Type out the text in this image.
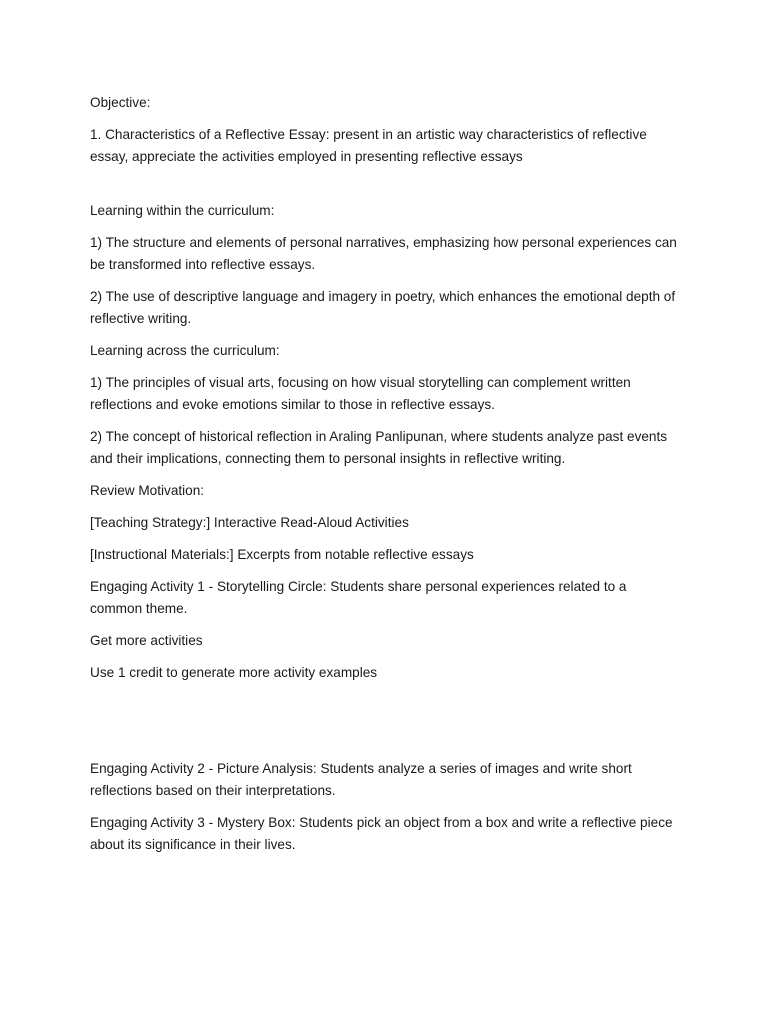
Objective:

1. Characteristics of a Reflective Essay: present in an artistic way characteristics of reflective essay, appreciate the activities employed in presenting reflective essays

Learning within the curriculum:

1) The structure and elements of personal narratives, emphasizing how personal experiences can be transformed into reflective essays.

2) The use of descriptive language and imagery in poetry, which enhances the emotional depth of reflective writing.

Learning across the curriculum:

1) The principles of visual arts, focusing on how visual storytelling can complement written reflections and evoke emotions similar to those in reflective essays.

2) The concept of historical reflection in Araling Panlipunan, where students analyze past events and their implications, connecting them to personal insights in reflective writing.

Review Motivation:

[Teaching Strategy:] Interactive Read-Aloud Activities

[Instructional Materials:] Excerpts from notable reflective essays

Engaging Activity 1 - Storytelling Circle: Students share personal experiences related to a common theme.

Get more activities

Use 1 credit to generate more activity examples

Engaging Activity 2 - Picture Analysis: Students analyze a series of images and write short reflections based on their interpretations.

Engaging Activity 3 - Mystery Box: Students pick an object from a box and write a reflective piece about its significance in their lives.
